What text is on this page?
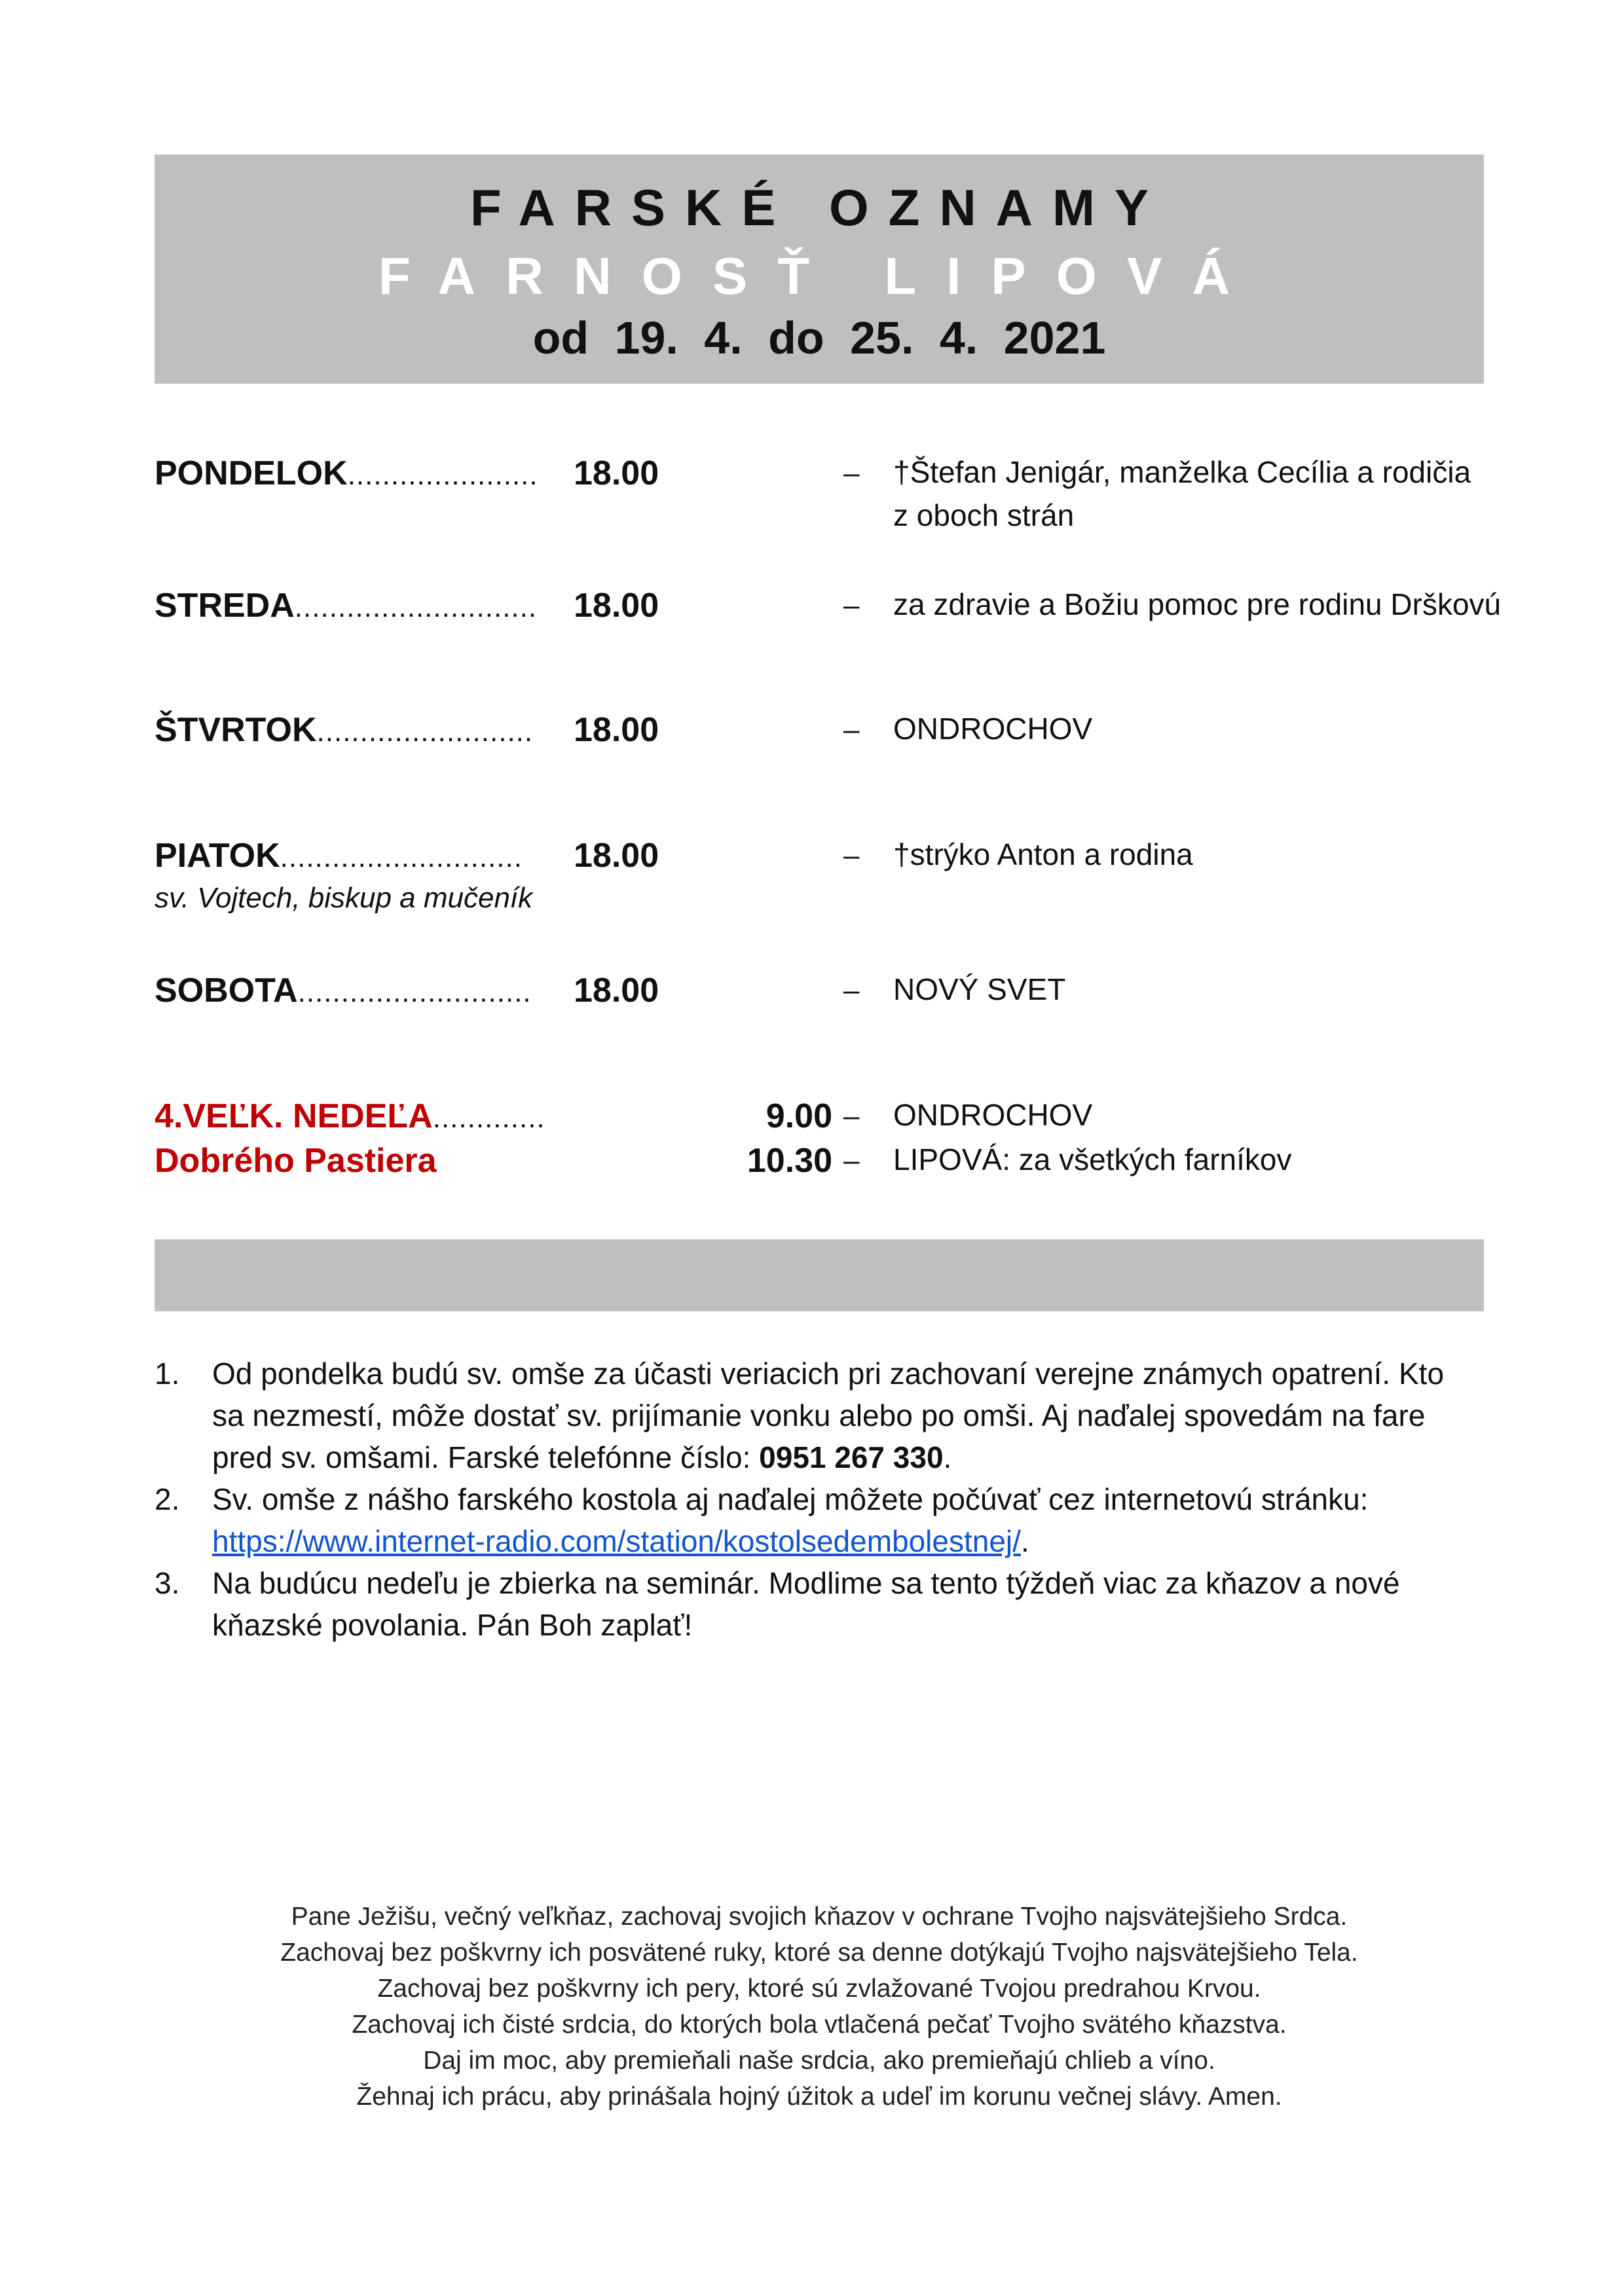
FARSKÉ OZNAMY
FARNOSŤ LIPOVÁ
od 19. 4. do 25. 4. 2021
PONDELOK......................	18.00	– †Štefan Jenigár, manželka Cecília a rodičia
z oboch strán
STREDA............................	18.00	– za zdravie a Božiu pomoc pre rodinu Drškovú
ŠTVRTOK.........................	18.00	– ONDROCHOV
PIATOK............................	18.00	– †strýko Anton a rodina
sv. Vojtech, biskup a mučeník
SOBOTA...........................	18.00	– NOVÝ SVET
4.VEĽK. NEDEĽA.............	9.00 – ONDROCHOV
Dobrého Pastiera	10.30 – LIPOVÁ: za všetkých farníkov
1. Od pondelka budú sv. omše za účasti veriacich pri zachovaní verejne známych opatrení. Kto sa nezmestí, môže dostať sv. prijímanie vonku alebo po omši. Aj naďalej spovedám na fare pred sv. omšami. Farské telefónne číslo: 0951 267 330.
2. Sv. omše z nášho farského kostola aj naďalej môžete počúvať cez internetovú stránku:
https://www.internet-radio.com/station/kostolsedembolestnej/.
3. Na budúcu nedeľu je zbierka na seminár. Modlime sa tento týždeň viac za kňazov a nové kňazské povolania. Pán Boh zaplať!
Pane Ježišu, večný veľkňaz, zachovaj svojich kňazov v ochrane Tvojho najsvätejšieho Srdca.
Zachovaj bez poškvrny ich posvätené ruky, ktoré sa denne dotýkajú Tvojho najsvätejšieho Tela.
Zachovaj bez poškvrny ich pery, ktoré sú zvlažované Tvojou predrahou Krvou.
Zachovaj ich čisté srdcia, do ktorých bola vtlačená pečať Tvojho svätého kňazstva.
Daj im moc, aby premieňali naše srdcia, ako premieňajú chlieb a víno.
Žehnaj ich prácu, aby prinášala hojný úžitok a udeľ im korunu večnej slávy. Amen.
